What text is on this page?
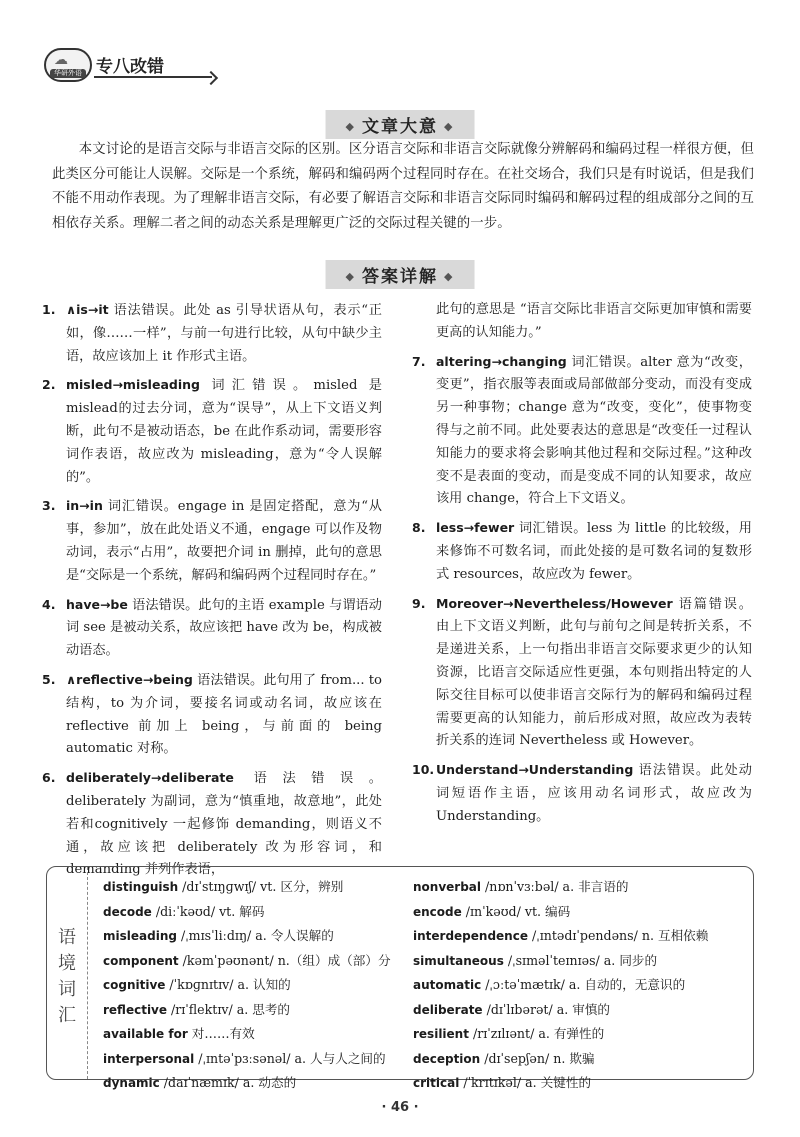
☁
华研外语 专八改错
◆ 文章大意 ◆
本文讨论的是语言交际与非语言交际的区别。区分语言交际和非语言交际就像分辨解码和编码过程一样很方便，但此类区分可能让人误解。交际是一个系统，解码和编码两个过程同时存在。在社交场合，我们只是有时说话，但是我们不能不用动作表现。为了理解非语言交际，有必要了解语言交际和非语言交际同时编码和解码过程的组成部分之间的互相依存关系。理解二者之间的动态关系是理解更广泛的交际过程关键的一步。
◆ 答案详解 ◆
1. ∧is→it 语法错误。此处 as 引导状语从句，表示“正如，像……一样”，与前一句进行比较，从句中缺少主语，故应该加上 it 作形式主语。
2. misled→misleading 词汇错误。misled 是 mislead的过去分词，意为“误导”，从上下文语义判断，此句不是被动语态，be 在此作系动词，需要形容词作表语，故应改为 misleading，意为“令人误解的”。
3. in→in 词汇错误。engage in 是固定搭配，意为“从事，参加”，放在此处语义不通，engage 可以作及物动词，表示“占用”，故要把介词 in 删掉，此句的意思是“交际是一个系统，解码和编码两个过程同时存在。”
4. have→be 语法错误。此句的主语 example 与谓语动词 see 是被动关系，故应该把 have 改为 be，构成被动语态。
5. ∧reflective→being 语法错误。此句用了 from... to 结构，to 为介词，要接名词或动名词，故应该在 reflective 前加上 being，与前面的 being automatic 对称。
6. deliberately→deliberate 语法错误。deliberately 为副词，意为“慎重地，故意地”，此处若和cognitively 一起修饰 demanding，则语义不通，故应该把 deliberately 改为形容词，和 demanding 并列作表语，
此句的意思是 “语言交际比非语言交际更加审慎和需要更高的认知能力。”
7. altering→changing 词汇错误。alter 意为“改变，变更”，指衣服等表面或局部做部分变动，而没有变成另一种事物；change 意为“改变，变化”，使事物变得与之前不同。此处要表达的意思是“改变任一过程认知能力的要求将会影响其他过程和交际过程。”这种改变不是表面的变动，而是变成不同的认知要求，故应该用 change，符合上下文语义。
8. less→fewer 词汇错误。less 为 little 的比较级，用来修饰不可数名词，而此处接的是可数名词的复数形式 resources，故应改为 fewer。
9. Moreover→Nevertheless/However 语篇错误。由上下文语义判断，此句与前句之间是转折关系，不是递进关系，上一句指出非语言交际要求更少的认知资源，比语言交际适应性更强，本句则指出特定的人际交往目标可以使非语言交际行为的解码和编码过程需要更高的认知能力，前后形成对照，故应改为表转折关系的连词 Nevertheless 或 However。
10. Understand→Understanding 语法错误。此处动词短语作主语，应该用动名词形式，故应改为 Understanding。
语境词汇
distinguish /dɪˈstɪŋɡwɪʃ/ vt. 区分，辨别
decode /diːˈkəʊd/ vt. 解码
misleading /ˌmɪsˈliːdɪŋ/ a. 令人误解的
component /kəmˈpəʊnənt/ n.（组）成（部）分
cognitive /ˈkɒɡnɪtɪv/ a. 认知的
reflective /rɪˈflektɪv/ a. 思考的
available for 对……有效
interpersonal /ˌɪntəˈpɜːsənəl/ a. 人与人之间的
dynamic /daɪˈnæmɪk/ a. 动态的
nonverbal /nɒnˈvɜːbəl/ a. 非言语的
encode /ɪnˈkəʊd/ vt. 编码
interdependence /ˌɪntədɪˈpendəns/ n. 互相依赖
simultaneous /ˌsɪməlˈteɪnɪəs/ a. 同步的
automatic /ˌɔːtəˈmætɪk/ a. 自动的，无意识的
deliberate /dɪˈlɪbərət/ a. 审慎的
resilient /rɪˈzɪlɪənt/ a. 有弹性的
deception /dɪˈsepʃən/ n. 欺骗
critical /ˈkrɪtɪkəl/ a. 关键性的
· 46 ·
